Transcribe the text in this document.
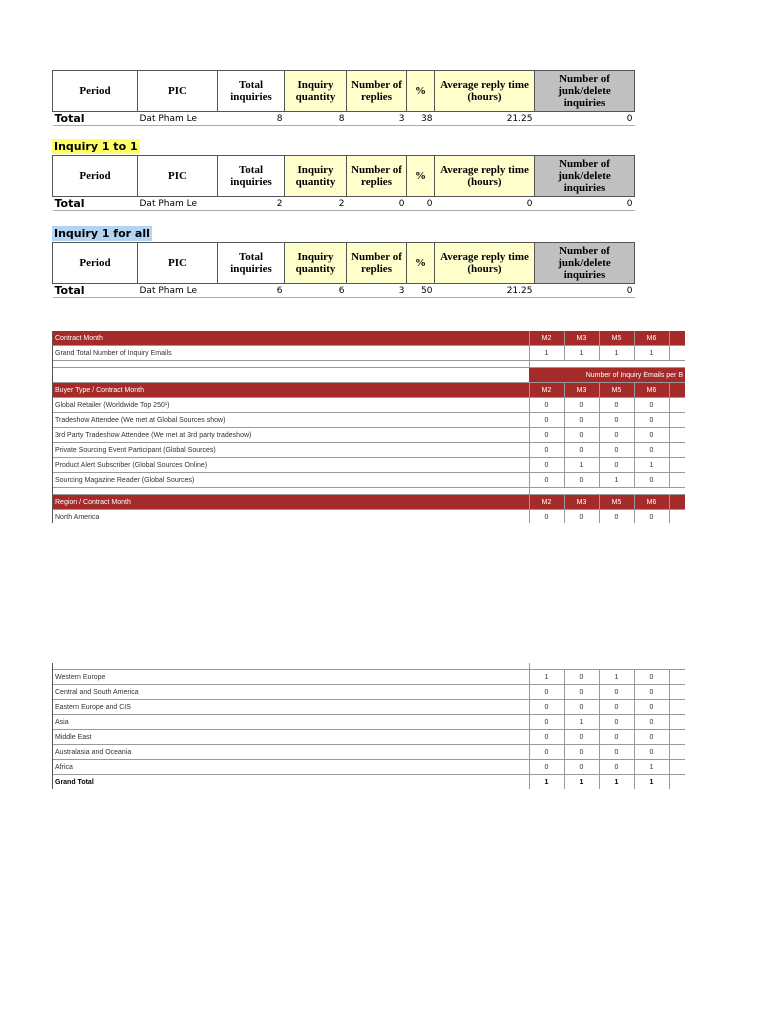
Period	PIC	Total inquiries	Inquiry quantity	Number of replies	%	Average reply time (hours)	Number of junk/delete inquiries
Total	Dat Pham Le	8	8	3	38	21.25	0
Inquiry 1 to 1
Period	PIC	Total inquiries	Inquiry quantity	Number of replies	%	Average reply time (hours)	Number of junk/delete inquiries
Total	Dat Pham Le	2	2	0	0	0	0
Inquiry 1 for all
Period	PIC	Total inquiries	Inquiry quantity	Number of replies	%	Average reply time (hours)	Number of junk/delete inquiries
Total	Dat Pham Le	6	6	3	50	21.25	0
Contract Month	M2	M3	M5	M6	
Grand Total Number of Inquiry Emails	1	1	1	1	

	Number of Inquiry Emails per B				
Buyer Type / Contract Month	M2	M3	M5	M6	
Global Retailer (Worldwide Top 250¹)	0	0	0	0	
Tradeshow Attendee (We met at Global Sources show)	0	0	0	0	
3rd Party Tradeshow Attendee (We met at 3rd party tradeshow)	0	0	0	0	
Private Sourcing Event Participant (Global Sources)	0	0	0	0	
Product Alert Subscriber (Global Sources Online)	0	1	0	1	
Sourcing Magazine Reader (Global Sources)	0	0	1	0	

Region / Contract Month	M2	M3	M5	M6	
North America	0	0	0	0	

Western Europe	1	0	1	0	
Central and South America	0	0	0	0	
Eastern Europe and CIS	0	0	0	0	
Asia	0	1	0	0	
Middle East	0	0	0	0	
Australasia and Oceania	0	0	0	0	
Africa	0	0	0	1	
Grand Total	1	1	1	1	
